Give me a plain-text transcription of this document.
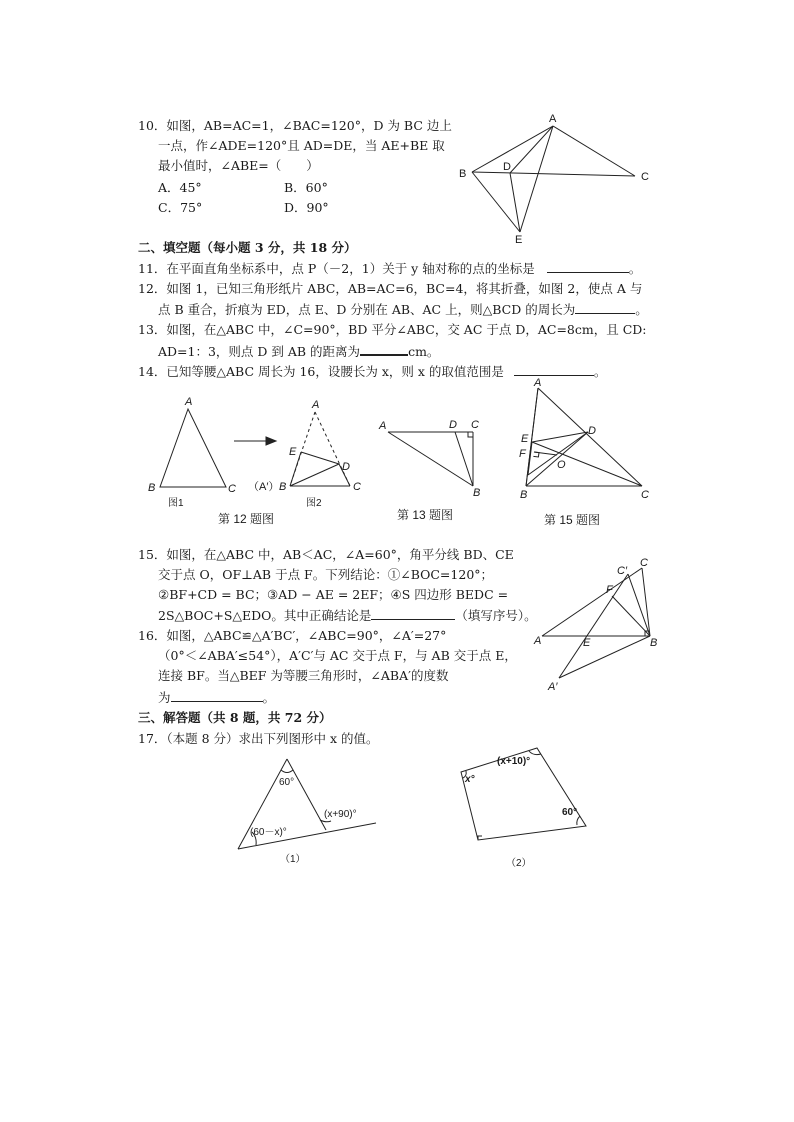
10．如图，AB=AC=1，∠BAC=120°，D 为 BC 边上
一点，作∠ADE=120°且 AD=DE，当 AE+BE 取
最小值时，∠ABE=（　　）
A．45°	B．60°
C．75°	D．90°
A
B	C
D
E
二、填空题（每小题 3 分，共 18 分）
11．在平面直角坐标系中，点 P（－2，1）关于 y 轴对称的点的坐标是	。
12．如图 1，已知三角形纸片 ABC，AB=AC=6，BC=4，将其折叠，如图 2，使点 A 与
点 B 重合，折痕为 ED，点 E、D 分别在 AB、AC 上，则△BCD 的周长为	。
13．如图，在△ABC 中，∠C=90°，BD 平分∠ABC，交 AC 于点 D，AC=8cm，且 CD:
AD=1：3，则点 D 到 AB 的距离为	cm。
14．已知等腰△ABC 周长为 16，设腰长为 x，则 x 的取值范围是	。
A
B	C
A
E
D
（A′） B	C
图1	图2
第 12 题图
A	D C
B
第 13 题图
E
F
O
D
A
B	C
第 15 题图
15．如图，在△ABC 中，AB＜AC，∠A=60°，角平分线 BD、CE
交于点 O，OF⊥AB 于点 F。下列结论：①∠BOC=120°；
②BF+CD = BC；③AD − AE = 2EF；④S 四边形 BEDC =
2S△BOC+S△EDO。其中正确结论是	（填写序号）。
16．如图，△ABC≌△A′BC′，∠ABC=90°，∠A′=27°
（0°＜∠ABA′≤54°），A′C′与 AC 交于点 F，与 AB 交于点 E，
连接 BF。当△BEF 为等腰三角形时，∠ABA′的度数
为	。
A	E	B
F
C′
C
A′
三、解答题（共 8 题，共 72 分）
17．（本题 8 分）求出下列图形中 x 的值。
60°
(60－x)°
(x+90)°
（1）
(x+10)°
x°
60°
（2）
